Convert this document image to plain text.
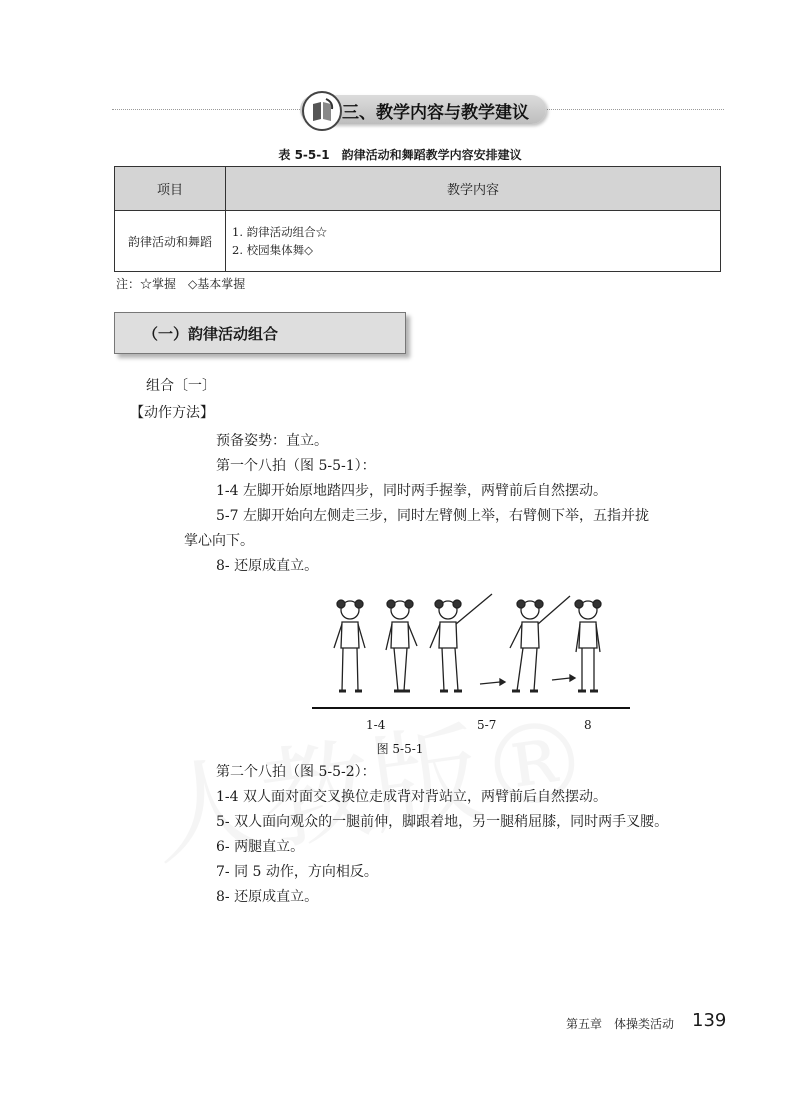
三、教学内容与教学建议
表 5-5-1　韵律活动和舞蹈教学内容安排建议
项目	教学内容
韵律活动和舞蹈	1. 韵律活动组合☆
2. 校园集体舞◇
注：☆掌握　◇基本掌握
（一）韵律活动组合
组合〔一〕
【动作方法】
预备姿势：直立。
第一个八拍（图 5-5-1）：
1-4 左脚开始原地踏四步，同时两手握拳，两臂前后自然摆动。
5-7 左脚开始向左侧走三步，同时左臂侧上举，右臂侧下举，五指并拢
掌心向下。
8- 还原成直立。
1-4	5-7	8
图 5-5-1
第二个八拍（图 5-5-2）：
1-4 双人面对面交叉换位走成背对背站立，两臂前后自然摆动。
5- 双人面向观众的一腿前伸，脚跟着地，另一腿稍屈膝，同时两手叉腰。
6- 两腿直立。
7- 同 5 动作，方向相反。
8- 还原成直立。
第五章　体操类活动 139
